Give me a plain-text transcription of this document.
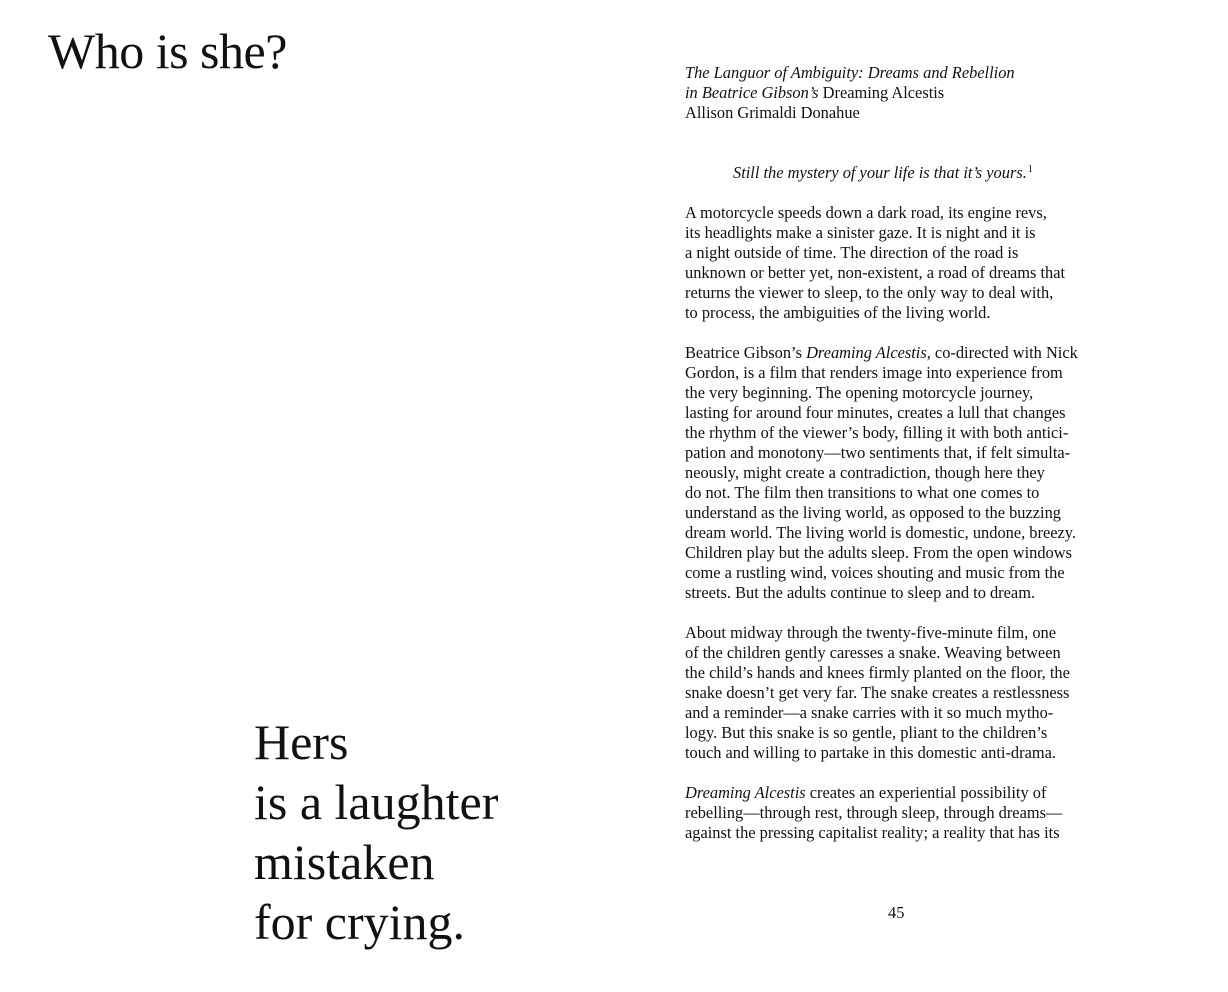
Who is she?
Hers
is a laughter
mistaken
for crying.
The Languor of Ambiguity: Dreams and Rebellion
in Beatrice Gibson’s Dreaming Alcestis
Allison Grimaldi Donahue
Still the mystery of your life is that it’s yours.$^1$

A motorcycle speeds down a dark road, its engine revs,
its headlights make a sinister gaze. It is night and it is
a night outside of time. The direction of the road is
unknown or better yet, non-existent, a road of dreams that
returns the viewer to sleep, to the only way to deal with,
to process, the ambiguities of the living world.

Beatrice Gibson’s Dreaming Alcestis, co-directed with Nick
Gordon, is a film that renders image into experience from
the very beginning. The opening motorcycle journey,
lasting for around four minutes, creates a lull that changes
the rhythm of the viewer’s body, filling it with both antici-
pation and monotony—two sentiments that, if felt simulta-
neously, might create a contradiction, though here they
do not. The film then transitions to what one comes to
understand as the living world, as opposed to the buzzing
dream world. The living world is domestic, undone, breezy.
Children play but the adults sleep. From the open windows
come a rustling wind, voices shouting and music from the
streets. But the adults continue to sleep and to dream.

About midway through the twenty-five-minute film, one
of the children gently caresses a snake. Weaving between
the child’s hands and knees firmly planted on the floor, the
snake doesn’t get very far. The snake creates a restlessness
and a reminder—a snake carries with it so much mytho-
logy. But this snake is so gentle, pliant to the children’s
touch and willing to partake in this domestic anti-drama.

Dreaming Alcestis creates an experiential possibility of
rebelling—through rest, through sleep, through dreams—
against the pressing capitalist reality; a reality that has its

45
